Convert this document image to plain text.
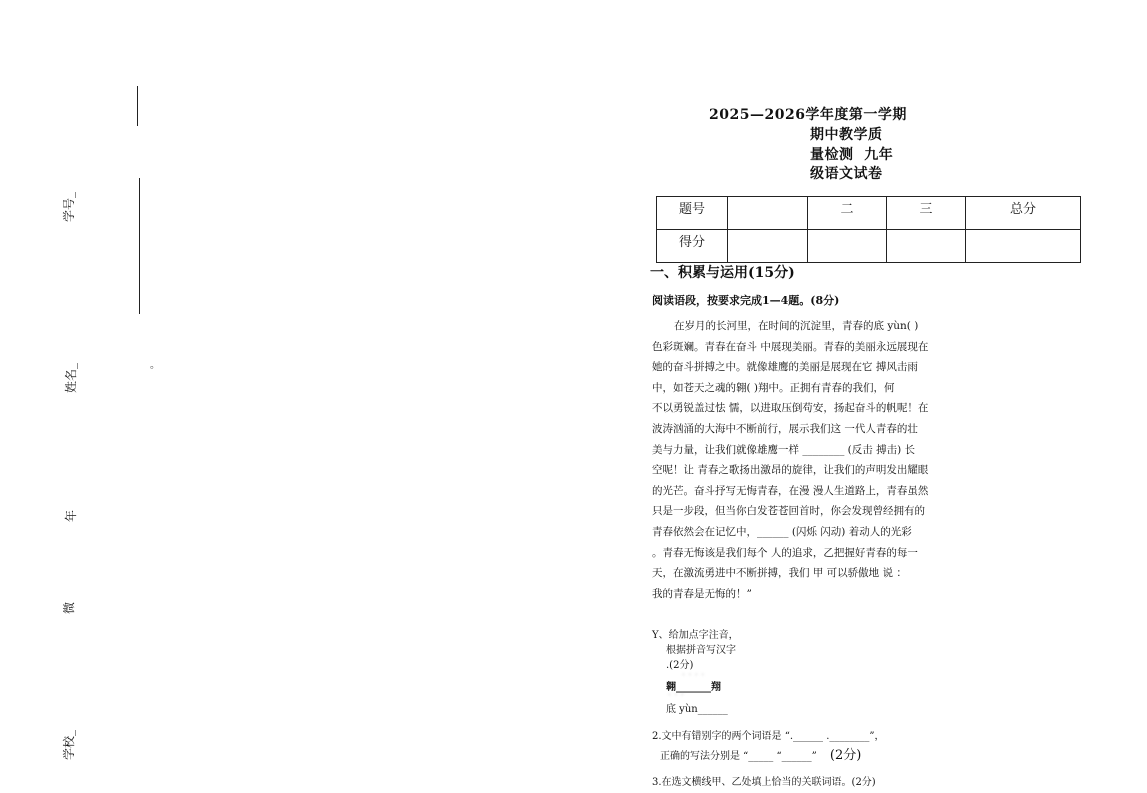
学号_
姓名_
年
微
学校_
。
2025—2026学年度第一学期
期中教学质
量检测  九年
级语文试卷
题号		二	三	总分
得分				
一、积累与运用(15分)
阅读语段，按要求完成1—4题。(8分)
在岁月的长河里，在时间的沉淀里，青春的底 yùn( )
色彩斑斓。青春在奋斗 中展现美丽。青春的美丽永远展现在
她的奋斗拼搏之中。就像雄鹰的美丽是展现在它 搏风击雨
中，如苍天之魂的翱( )翔中。正拥有青春的我们，何
不以勇锐盖过怯 懦，以进取压倒苟安，扬起奋斗的帆呢！在
波涛汹涌的大海中不断前行，展示我们这 一代人青春的壮
美与力量，让我们就像雄鹰一样 ________ (反击 搏击) 长
空呢！让 青春之歌扬出激昂的旋律，让我们的声明发出耀眼
的光芒。奋斗抒写无悔青春，在漫 漫人生道路上，青春虽然
只是一步段，但当你白发苍苍回首时，你会发现曾经拥有的
青春依然会在记忆中，______ (闪烁 闪动) 着动人的光彩
。青春无悔该是我们每个 人的追求，乙把握好青春的每一
天，在激流勇进中不断拼搏，我们 甲 可以骄傲地 说 ：
我的青春是无悔的！”
Y、给加点字注音，
根据拼音写汉字
.(2分)
· · · ·
翱_______翔
· · ·
底 yùn______
2.文中有错别字的两个词语是 “.______ .________”，
正确的写法分别是 “_____ “______” (2分)
3.在选文横线甲、乙处填上恰当的关联词语。(2分)
